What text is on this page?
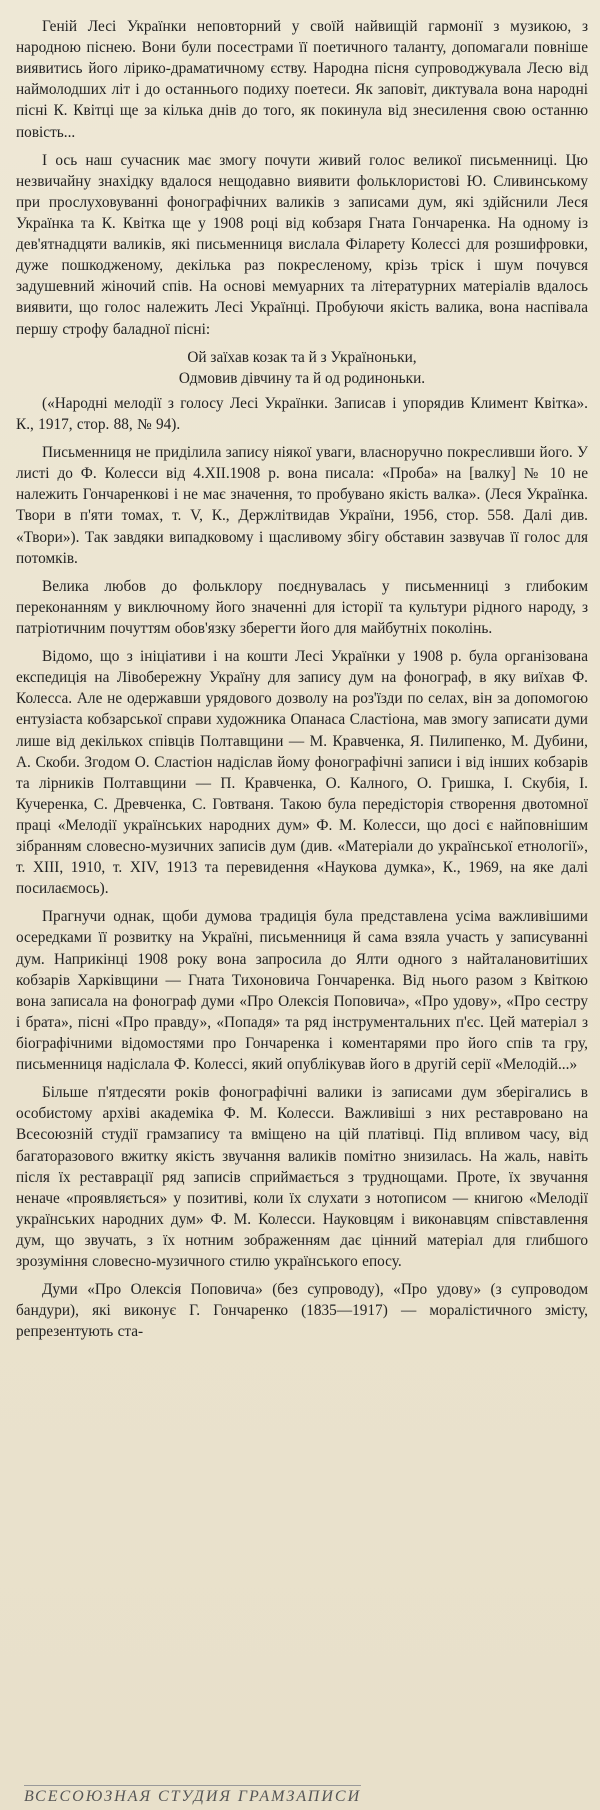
Геній Лесі Українки неповторний у своїй найвищій гармонії з музикою, з народною піснею. Вони були посестрами її поетичного таланту, допомагали повніше виявитись його лірико-драматичному єству. Народна пісня супроводжувала Лесю від наймолодших літ і до останнього подиху поетеси. Як заповіт, диктувала вона народні пісні К. Квітці ще за кілька днів до того, як покинула від знесилення свою останню повість...

І ось наш сучасник має змогу почути живий голос великої письменниці. Цю незвичайну знахідку вдалося нещодавно виявити фольклористові Ю. Сливинському при прослуховуванні фонографічних валиків з записами дум, які здійснили Леся Українка та К. Квітка ще у 1908 році від кобзаря Гната Гончаренка. На одному із дев'ятнадцяти валиків, які письменниця вислала Філарету Колессі для розшифровки, дуже пошкодженому, декілька раз покресленому, крізь тріск і шум почувся задушевний жіночий спів. На основі мемуарних та літературних матеріалів вдалось виявити, що голос належить Лесі Українці. Пробуючи якість валика, вона наспівала першу строфу баладної пісні:

Ой заїхав козак та й з Україноньки,
Одмовив дівчину та й од родиноньки.

(«Народні мелодії з голосу Лесі Українки. Записав і упорядив Климент Квітка». К., 1917, стор. 88, № 94).

Письменниця не приділила запису ніякої уваги, власноручно покресливши його. У листі до Ф. Колесси від 4.XII.1908 р. вона писала: «Проба» на [валку] № 10 не належить Гончаренкові і не має значення, то пробувано якість валка». (Леся Українка. Твори в п'яти томах, т. V, К., Держлітвидав України, 1956, стор. 558. Далі див. «Твори»). Так завдяки випадковому і щасливому збігу обставин зазвучав її голос для потомків.

Велика любов до фольклору поєднувалась у письменниці з глибоким переконанням у виключному його значенні для історії та культури рідного народу, з патріотичним почуттям обов'язку зберегти його для майбутніх поколінь.

Відомо, що з ініціативи і на кошти Лесі Українки у 1908 р. була організована експедиція на Лівобережну Україну для запису дум на фонограф, в яку виїхав Ф. Колесса. Але не одержавши урядового дозволу на роз'їзди по селах, він за допомогою ентузіаста кобзарської справи художника Опанаса Сластіона, мав змогу записати думи лише від декількох співців Полтавщини — М. Кравченка, Я. Пилипенко, М. Дубини, А. Скоби. Згодом О. Сластіон надіслав йому фонографічні записи і від інших кобзарів та лірників Полтавщини — П. Кравченка, О. Калного, О. Гришка, І. Скубія, І. Кучеренка, С. Древченка, С. Говтваня. Такою була передісторія створення двотомної праці «Мелодії українських народних дум» Ф. М. Колесси, що досі є найповнішим зібранням словесно-музичних записів дум (див. «Матеріали до української етнології», т. XIII, 1910, т. XIV, 1913 та перевидення «Наукова думка», К., 1969, на яке далі посилаємось).

Прагнучи однак, щоби думова традиція була представлена усіма важливішими осередками її розвитку на Україні, письменниця й сама взяла участь у записуванні дум. Наприкінці 1908 року вона запросила до Ялти одного з найталановитіших кобзарів Харківщини — Гната Тихоновича Гончаренка. Від нього разом з Квіткою вона записала на фонограф думи «Про Олексія Поповича», «Про удову», «Про сестру і брата», пісні «Про правду», «Попадя» та ряд інструментальних п'єс. Цей матеріал з біографічними відомостями про Гончаренка і коментарями про його спів та гру, письменниця надіслала Ф. Колессі, який опублікував його в другій серії «Мелодій...»

Більше п'ятдесяти років фонографічні валики із записами дум зберігались в особистому архіві академіка Ф. М. Колесси. Важливіші з них реставровано на Всесоюзній студії грамзапису та вміщено на цій платівці. Під впливом часу, від багаторазового вжитку якість звучання валиків помітно знизилась. На жаль, навіть після їх реставрації ряд записів сприймається з труднощами. Проте, їх звучання неначе «проявляється» у позитиві, коли їх слухати з нотописом — книгою «Мелодії українських народних дум» Ф. М. Колесси. Науковцям і виконавцям співставлення дум, що звучать, з їх нотним зображенням дає цінний матеріал для глибшого зрозуміння словесно-музичного стилю українського епосу.

Думи «Про Олексія Поповича» (без супроводу), «Про удову» (з супроводом бандури), які виконує Г. Гончаренко (1835—1917) — моралістичного змісту, репрезентують ста-

ВСЕСОЮЗНАЯ СТУДИЯ ГРАМЗАПИСИ
